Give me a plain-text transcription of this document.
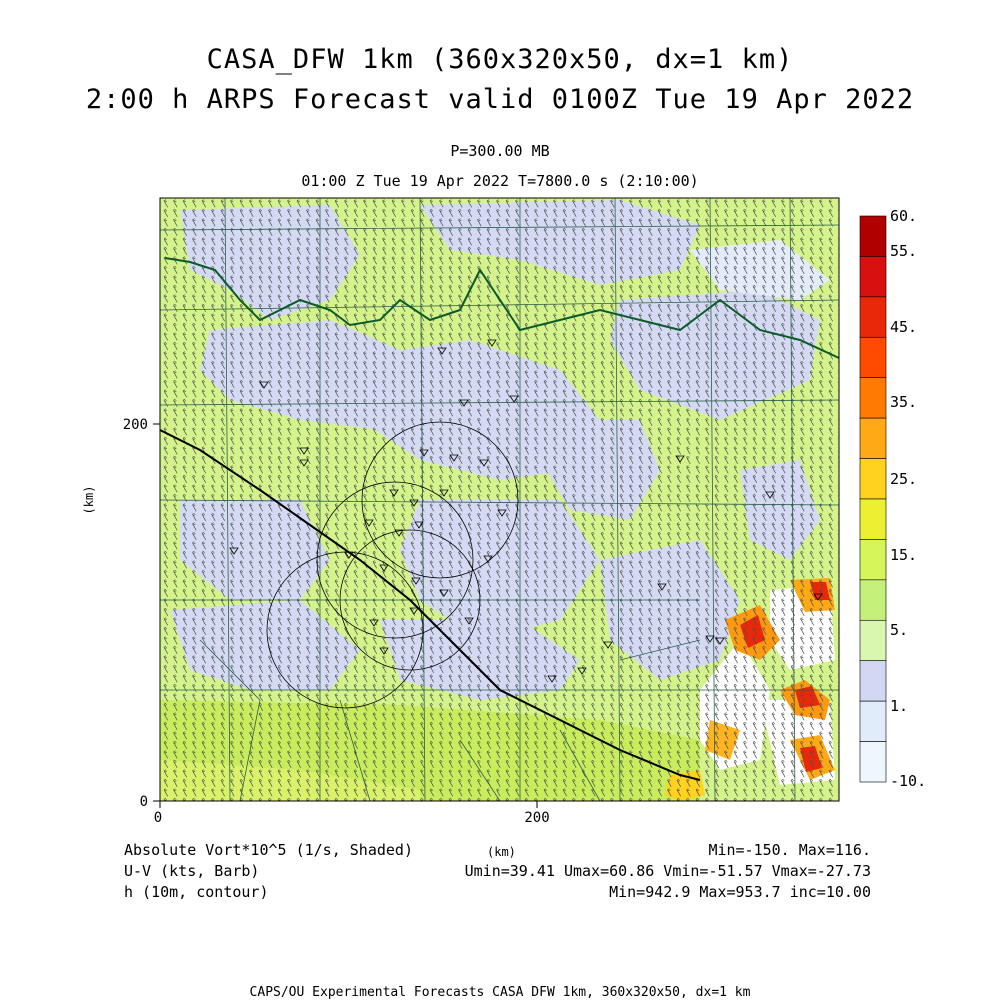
CASA_DFW 1km (360x320x50, dx=1 km)
2:00 h ARPS Forecast valid 0100Z Tue 19 Apr 2022
P=300.00 MB
01:00 Z Tue 19 Apr 2022 T=7800.0 s (2:10:00)
0	200
0
200
(km)
60.
55.
45.
35.
25.
15.
5.
1.
-10.
Absolute Vort*10^5 (1/s, Shaded)
U-V (kts, Barb)
h (10m, contour)
(km)	Min=-150. Max=116.
Umin=39.41 Umax=60.86 Vmin=-51.57 Vmax=-27.73
Min=942.9 Max=953.7 inc=10.00
CAPS/OU Experimental Forecasts CASA DFW 1km, 360x320x50, dx=1 km
